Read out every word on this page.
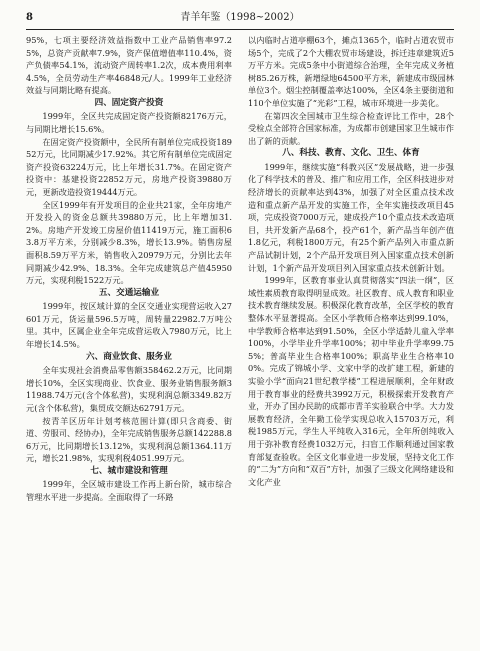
8	青羊年鉴（1998~2002）

95%，七项主要经济效益指数中工业产品销售率97.25%，总资产贡献率7.9%，资产保值增值率110.4%，资产负债率54.1%，流动资产周转率1.2次，成本费用利率4.5%，全员劳动生产率46848元/人。1999年工业经济效益与同期比略有提高。

四、固定资产投资

1999年，全区共完成固定资产投资额82176万元，与同期比增长15.6%。

在固定资产投资额中，全民所有制单位完成投资18952万元，比同期减少17.92%。其它所有制单位完成固定资产投资63224万元，比上年增长31.7%。在固定资产投资中：基建投资22852万元，房地产投资39880万元，更新改造投资19444万元。

全区1999年有开发项目的企业共21家，全年房地产开发投入的资金总额共39880万元，比上年增加31.2%。房地产开发竣工房屋价值11419万元，施工面积63.8万平方米，分别减少8.3%，增长13.9%。销售房屋面积8.59万平方米，销售收入20979万元，分别比去年同期减少42.9%、18.3%。全年完成建筑总产值45950万元，实现利税1522万元。

五、交通运输业

1999年，按区域计算的全区交通业实现营运收入27601万元，货运量596.5万吨，周转量22982.7万吨公里。其中，区属企业全年完成营运收入7980万元，比上年增长14.5%。

六、商业饮食、服务业

全年实现社会消费品零售额358462.2万元，比同期增长10%，全区实现商业、饮食业、服务业销售服务额311988.74万元(含个体私营)，实现利润总额3349.82万元(含个体私营)，集贸成交额达62791万元。

按青羊区历年计划考核范围计算(即只含商委、街道、劳服司、经协办)，全年完成销售服务总额142288.86万元，比同期增长13.12%，实现利润总额1364.11万元，增长21.98%，实现利税4051.99万元。

七、城市建设和管理

1999年，全区城市建设工作再上新台阶，城市综合管理水平进一步提高。全面取得了一环路

以内临时占道亭棚63个，摊点1365个，临时占道农贸市场5个，完成了2个大棚农贸市场建设，拆迁违章建筑近5万平方米。完成5条中小街道综合治理，全年完成义务植树85.26万株，新增绿地64500平方米，新建成市级园林单位3个。烟尘控制覆盖率达100%，全区4条主要街道和110个单位实施了“光彩”工程，城市环境进一步美化。

在第四次全国城市卫生综合检查评比工作中，28个受检点全部符合国家标准，为成都市创建国家卫生城市作出了新的贡献。

八、科技、教育、文化、卫生、体育

1999年，继续实施“科教兴区”发展战略，进一步强化了科学技术的普及、推广和应用工作，全区科技进步对经济增长的贡献率达到43%，加强了对全区重点技术改造和重点新产品开发的实施工作，全年实施技改项目45项，完成投资7000万元，建成投产10个重点技术改造项目，共开发新产品68个，投产61个，新产品当年创产值1.8亿元，利税1800万元，有25个新产品列入市重点新产品试制计划，2个产品开发项目列入国家重点技术创新计划，1个新产品开发项目列入国家重点技术创新计划。

1999年，区教育事业认真贯彻落实“四法一纲”，区域性素质教育取得明显成效。社区教育、成人教育和职业技术教育继续发展。积极深化教育改革，全区学校的教育整体水平显著提高。全区小学教师合格率达到99.10%，中学教师合格率达到91.50%，全区小学适龄儿童入学率100%，小学毕业升学率100%；初中毕业升学率99.755%；普高毕业生合格率100%；职高毕业生合格率100%。完成了锦城小学、文家中学的改扩建工程，新建的实验小学“面向21世纪教学楼”工程进展顺利，全年财政用于教育事业的经费共3992万元，积极探索开发教育产业，开办了国办民助的成都市青羊实验联合中学。大力发展教育经济，全年勤工俭学实现总收入15703万元，利税1985万元，学生人平纯收入316元，全年所创纯收入用于弥补教育经费1032万元，扫盲工作顺利通过国家教育部复查验收。全区文化事业进一步发展，坚持文化工作的“二为”方向和“双百”方针，加强了三级文化网络建设和文化产业
